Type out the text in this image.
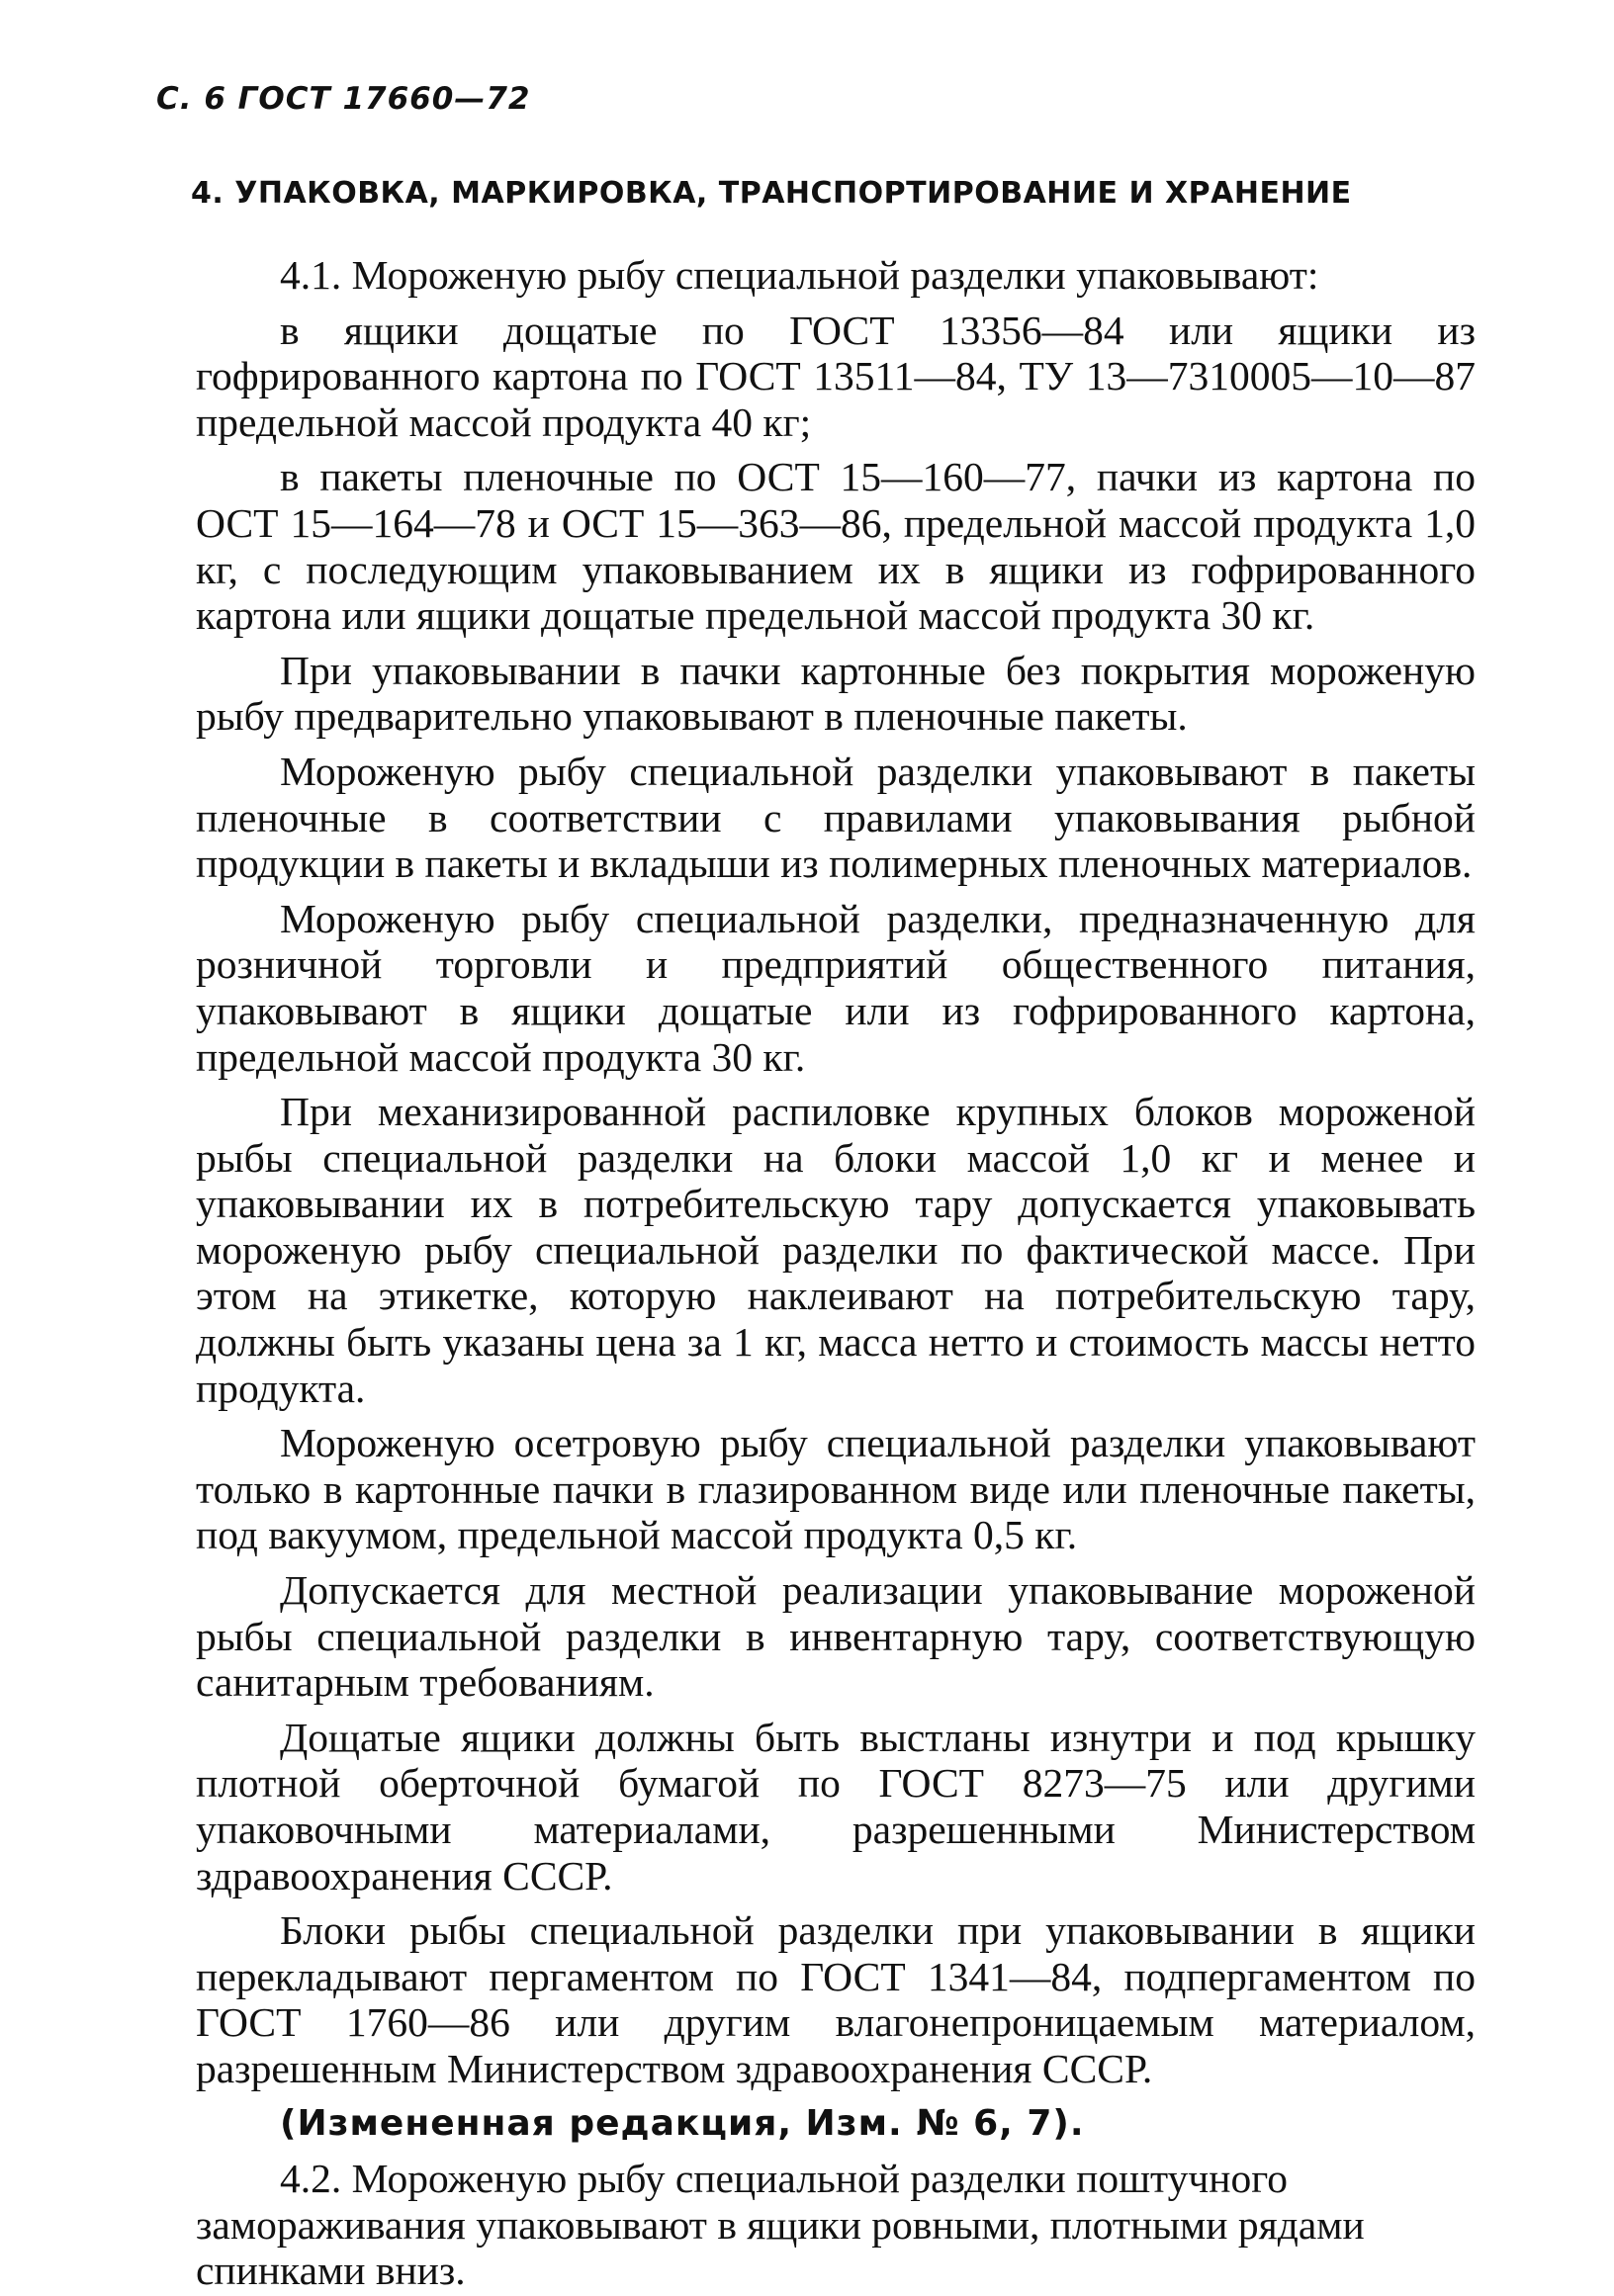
С. 6 ГОСТ 17660—72
4. УПАКОВКА, МАРКИРОВКА, ТРАНСПОРТИРОВАНИЕ И ХРАНЕНИЕ

4.1. Мороженую рыбу специальной разделки упаковывают:

в ящики дощатые по ГОСТ 13356—84 или ящики из гофрированного картона по ГОСТ 13511—84, ТУ 13—7310005—10—87 предельной массой продукта 40 кг;

в пакеты пленочные по ОСТ 15—160—77, пачки из картона по ОСТ 15—164—78 и ОСТ 15—363—86, предельной массой продукта 1,0 кг, с последующим упаковыванием их в ящики из гофрированного картона или ящики дощатые предельной массой продукта 30 кг.

При упаковывании в пачки картонные без покрытия мороженую рыбу предварительно упаковывают в пленочные пакеты.

Мороженую рыбу специальной разделки упаковывают в пакеты пленочные в соответствии с правилами упаковывания рыбной продукции в пакеты и вкладыши из полимерных пленочных материалов.

Мороженую рыбу специальной разделки, предназначенную для розничной торговли и предприятий общественного питания, упаковывают в ящики дощатые или из гофрированного картона, предельной массой продукта 30 кг.

При механизированной распиловке крупных блоков мороженой рыбы специальной разделки на блоки массой 1,0 кг и менее и упаковывании их в потребительскую тару допускается упаковывать мороженую рыбу специальной разделки по фактической массе. При этом на этикетке, которую наклеивают на потребительскую тару, должны быть указаны цена за 1 кг, масса нетто и стоимость массы нетто продукта.

Мороженую осетровую рыбу специальной разделки упаковывают только в картонные пачки в глазированном виде или пленочные пакеты, под вакуумом, предельной массой продукта 0,5 кг.

Допускается для местной реализации упаковывание мороженой рыбы специальной разделки в инвентарную тару, соответствующую санитарным требованиям.

Дощатые ящики должны быть выстланы изнутри и под крышку плотной оберточной бумагой по ГОСТ 8273—75 или другими упаковочными материалами, разрешенными Министерством здравоохранения СССР.

Блоки рыбы специальной разделки при упаковывании в ящики перекладывают пергаментом по ГОСТ 1341—84, подпергаментом по ГОСТ 1760—86 или другим влагонепроницаемым материалом, разрешенным Министерством здравоохранения СССР.

(Измененная редакция, Изм. № 6, 7).

4.2. Мороженую рыбу специальной разделки поштучного замораживания упаковывают в ящики ровными, плотными рядами спинками вниз.
